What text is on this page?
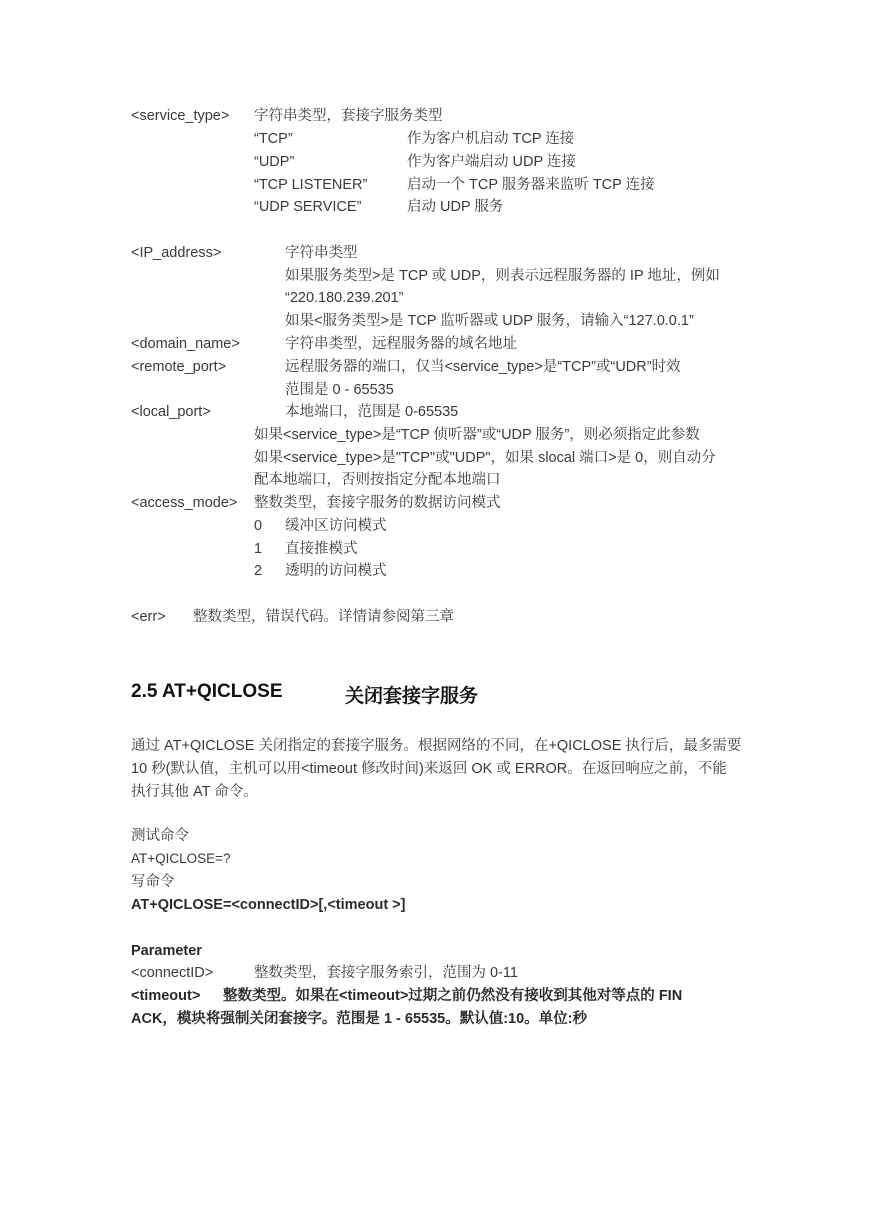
<service_type> 字符串类型，套接字服务类型
“TCP”	作为客户机启动 TCP 连接
“UDP”	作为客户端启动 UDP 连接
“TCP LISTENER”	启动一个 TCP 服务器来监听 TCP 连接
“UDP SERVICE”	启动 UDP 服务
<IP_address>	字符串类型
如果服务类型>是 TCP 或 UDP，则表示远程服务器的 IP 地址，例如
“220.180.239.201”
如果<服务类型>是 TCP 监听器或 UDP 服务，请输入“127.0.0.1”
<domain_name>	字符串类型，远程服务器的域名地址
<remote_port>	远程服务器的端口，仅当<service_type>是“TCP”或“UDR”时效
范围是 0 - 65535
<local_port>	本地端口，范围是 0-65535
如果<service_type>是“TCP 侦听器”或“UDP 服务”，则必须指定此参数
如果<service_type>是"TCP"或"UDP"，如果 slocal 端口>是 0，则自动分
配本地端口，否则按指定分配本地端口
<access_mode> 整数类型，套接字服务的数据访问模式
0 缓冲区访问模式
1 直接推模式
2 透明的访问模式
<err> 整数类型，错误代码。详情请参阅第三章
2.5 AT+QICLOSE	关闭套接字服务
通过 AT+QICLOSE 关闭指定的套接字服务。根据网络的不同，在+QICLOSE 执行后，最多需要
10 秒(默认值，主机可以用<timeout 修改时间)来返回 OK 或 ERROR。在返回响应之前，不能
执行其他 AT 命令。
测试命令
AT+QICLOSE=?
写命令
AT+QICLOSE=<connectID>[,<timeout >]
Parameter
<connectID>	整数类型，套接字服务索引，范围为 0-11
<timeout> 整数类型。如果在<timeout>过期之前仍然没有接收到其他对等点的 FIN
ACK，模块将强制关闭套接字。范围是 1 - 65535。默认值:10。单位:秒
